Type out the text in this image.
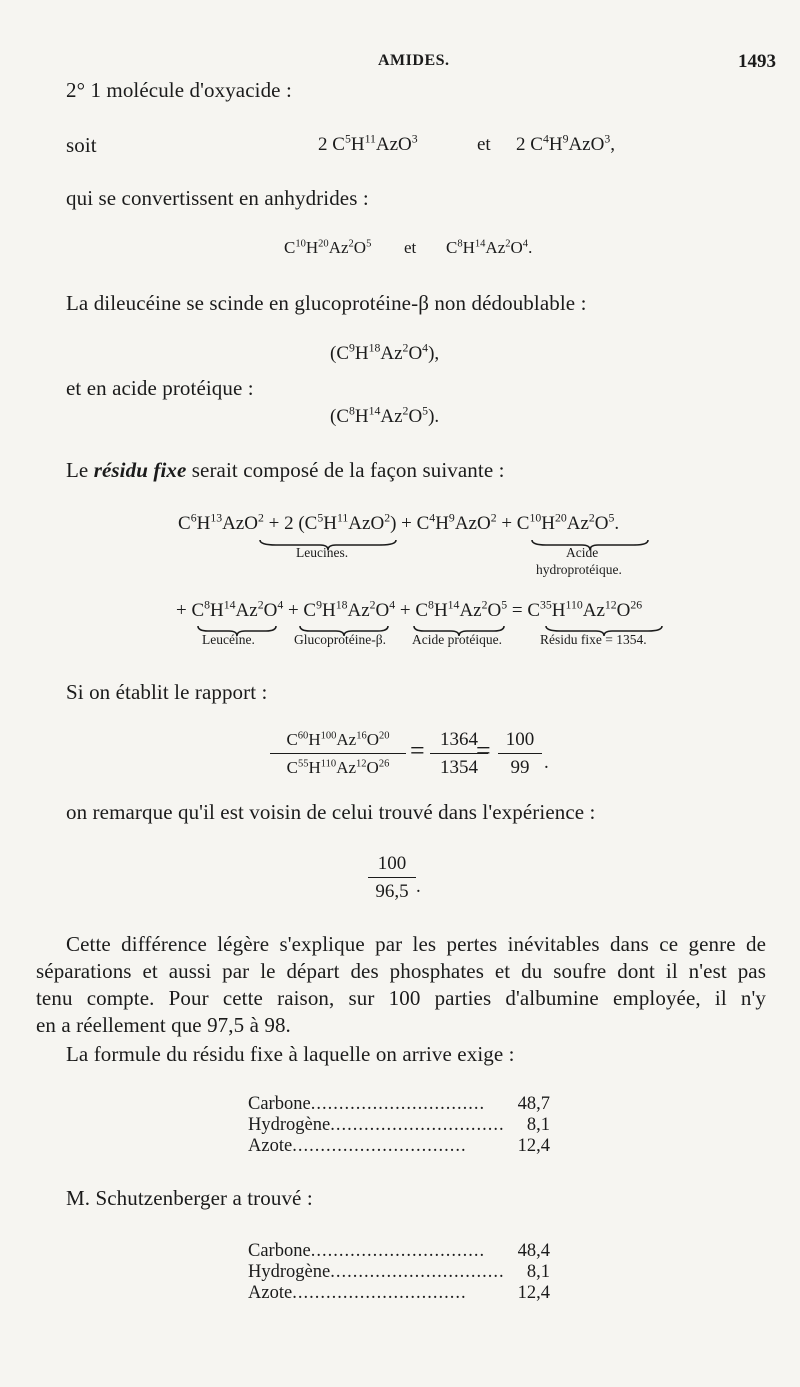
AMIDES.	1493
2° 1 molécule d'oxyacide :
soit	2 $C^5H^{11}AzO^3$	et 2 $C^4H^9AzO^3$,
qui se convertissent en anhydrides :
$C^{10}H^{20}Az^2O^5$ et $C^8H^{14}Az^2O^4$.
La dileucéine se scinde en glucoprotéine-β non dédoublable :
$(C^9H^{18}Az^2O^4)$,
et en acide protéique :
$(C^8H^{14}Az^2O^5)$.
Le résidu fixe serait composé de la façon suivante :
$C^6H^{13}AzO^2 + 2$ $(C^5H^{11}AzO^2) + C^4H^9AzO^2 + C^{10}H^{20}Az^2O^5$.
Leucines.	Acide
hydroprotéique.
+ $C^8H^{14}Az^2O^4 + C^9H^{18}Az^2O^4 + C^8H^{14}Az^2O^5 = C^{35}H^{110}Az^{12}O^{26}$
Leucéine.	Glucoprotéine-β. Acide protéique.	Résidu fixe = 1354.
Si on établit le rapport :
$C^{60}H^{100}Az^{16}O^{20}$
$C^{55}H^{110}Az^{12}O^{26} = 1364$
1354
= 100
99 .
on remarque qu'il est voisin de celui trouvé dans l'expérience :
100
96,5 .
Cette différence légère s'explique par les pertes inévitables dans ce genre de
séparations et aussi par le départ des phosphates et du soufre dont il n'est pas
tenu compte. Pour cette raison, sur 100 parties d'albumine employée, il n'y
en a réellement que 97,5 à 98.
La formule du résidu fixe à laquelle on arrive exige :
Carbone ...............................	48,7
Hydrogène ...............................	8,1
Azote ...............................	12,4
M. Schutzenberger a trouvé :
Carbone ...............................	48,4
Hydrogène ...............................	8,1
Azote ...............................	12,4
